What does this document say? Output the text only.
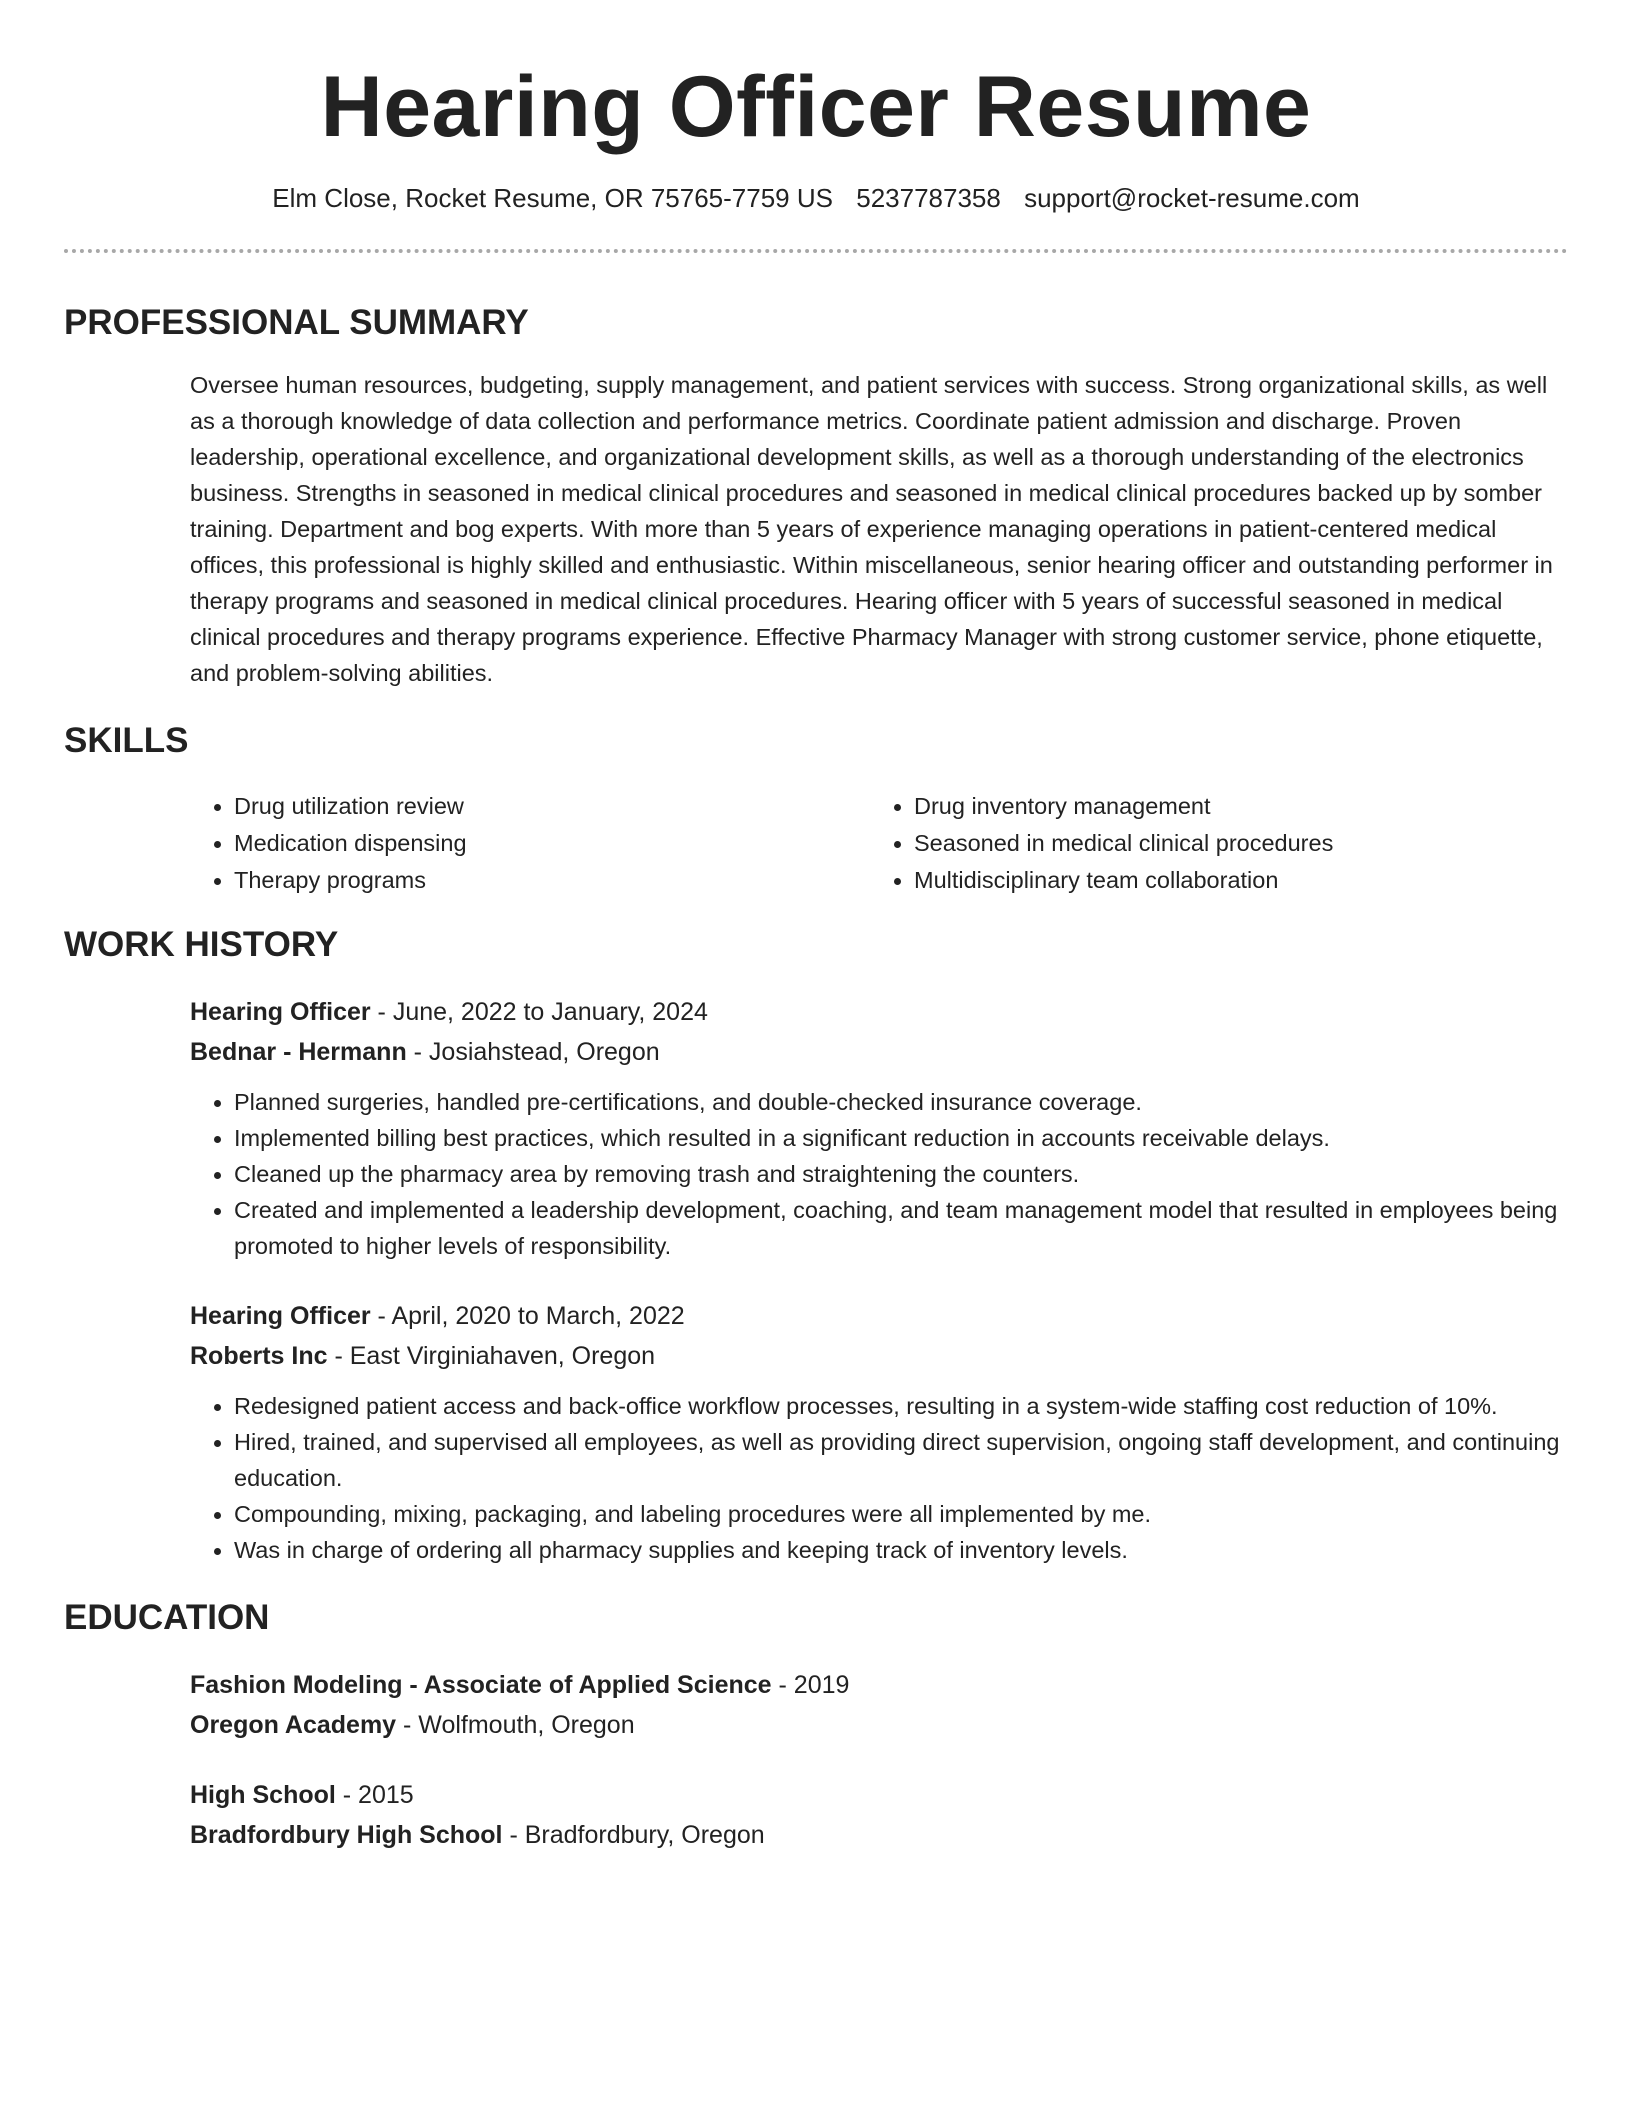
Hearing Officer Resume
Elm Close, Rocket Resume, OR 75765-7759 US 5237787358 support@rocket-resume.com
PROFESSIONAL SUMMARY

Oversee human resources, budgeting, supply management, and patient services with success. Strong organizational skills, as well as a thorough knowledge of data collection and performance metrics. Coordinate patient admission and discharge. Proven leadership, operational excellence, and organizational development skills, as well as a thorough understanding of the electronics business. Strengths in seasoned in medical clinical procedures and seasoned in medical clinical procedures backed up by somber training. Department and bog experts. With more than 5 years of experience managing operations in patient-centered medical offices, this professional is highly skilled and enthusiastic. Within miscellaneous, senior hearing officer and outstanding performer in therapy programs and seasoned in medical clinical procedures. Hearing officer with 5 years of successful seasoned in medical clinical procedures and therapy programs experience. Effective Pharmacy Manager with strong customer service, phone etiquette, and problem-solving abilities.

SKILLS
• Drug utilization review
• Medication dispensing
• Therapy programs
• Drug inventory management
• Seasoned in medical clinical procedures
• Multidisciplinary team collaboration
WORK HISTORY
Hearing Officer - June, 2022 to January, 2024
Bednar - Hermann - Josiahstead, Oregon
• Planned surgeries, handled pre-certifications, and double-checked insurance coverage.
• Implemented billing best practices, which resulted in a significant reduction in accounts receivable delays.
• Cleaned up the pharmacy area by removing trash and straightening the counters.
• Created and implemented a leadership development, coaching, and team management model that resulted in employees being promoted to higher levels of responsibility.
Hearing Officer - April, 2020 to March, 2022
Roberts Inc - East Virginiahaven, Oregon
• Redesigned patient access and back-office workflow processes, resulting in a system-wide staffing cost reduction of 10%.
• Hired, trained, and supervised all employees, as well as providing direct supervision, ongoing staff development, and continuing education.
• Compounding, mixing, packaging, and labeling procedures were all implemented by me.
• Was in charge of ordering all pharmacy supplies and keeping track of inventory levels.
EDUCATION
Fashion Modeling - Associate of Applied Science - 2019
Oregon Academy - Wolfmouth, Oregon
High School - 2015
Bradfordbury High School - Bradfordbury, Oregon
